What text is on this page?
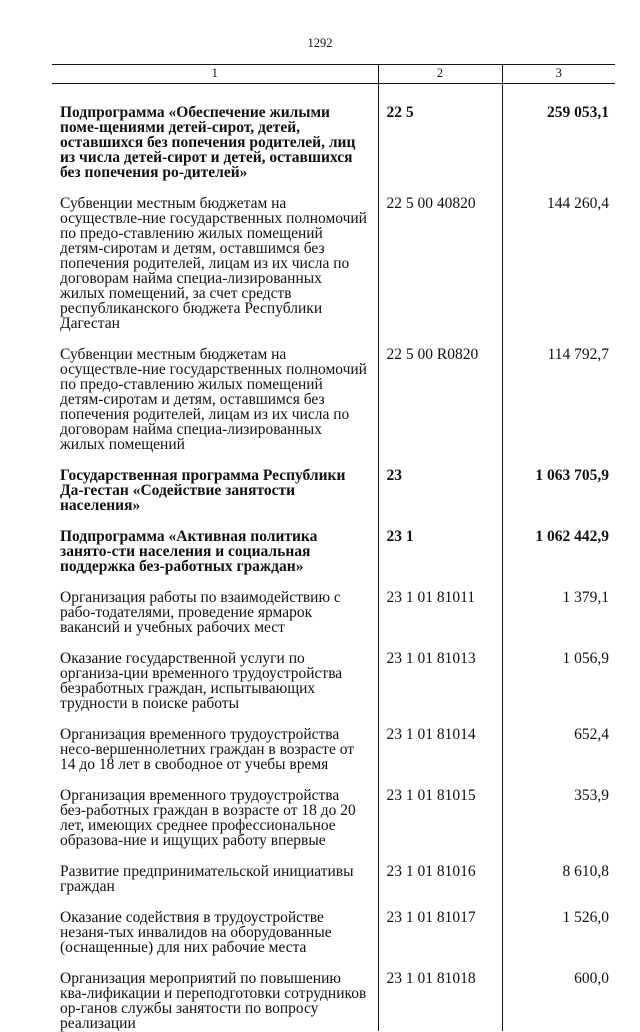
1292
1	2	3
Подпрограмма «Обеспечение жилыми поме-щениями детей-сирот, детей, оставшихся без попечения родителей, лиц из числа детей-сирот и детей, оставшихся без попечения ро-дителей»	22 5	259 053,1
Субвенции местным бюджетам на осуществле-ние государственных полномочий по предо-ставлению жилых помещений детям-сиротам и детям, оставшимся без попечения родителей, лицам из их числа по договорам найма специа-лизированных жилых помещений, за счет средств республиканского бюджета Республики Дагестан	22 5 00 40820	144 260,4
Субвенции местным бюджетам на осуществле-ние государственных полномочий по предо-ставлению жилых помещений детям-сиротам и детям, оставшимся без попечения родителей, лицам из их числа по договорам найма специа-лизированных жилых помещений	22 5 00 R0820	114 792,7
Государственная программа Республики Да-гестан «Содействие занятости населения»	23	1 063 705,9
Подпрограмма «Активная политика занято-сти населения и социальная поддержка без-работных граждан»	23 1	1 062 442,9
Организация работы по взаимодействию с рабо-тодателями, проведение ярмарок вакансий и учебных рабочих мест	23 1 01 81011	1 379,1
Оказание государственной услуги по организа-ции временного трудоустройства безработных граждан, испытывающих трудности в поиске работы	23 1 01 81013	1 056,9
Организация временного трудоустройства несо-вершеннолетних граждан в возрасте от 14 до 18 лет в свободное от учебы время	23 1 01 81014	652,4
Организация временного трудоустройства без-работных граждан в возрасте от 18 до 20 лет, имеющих среднее профессиональное образова-ние и ищущих работу впервые	23 1 01 81015	353,9
Развитие предпринимательской инициативы граждан	23 1 01 81016	8 610,8
Оказание содействия в трудоустройстве незаня-тых инвалидов на оборудованные (оснащенные) для них рабочие места	23 1 01 81017	1 526,0
Организация мероприятий по повышению ква-лификации и переподготовки сотрудников ор-ганов службы занятости по вопросу реализации	23 1 01 81018	600,0
